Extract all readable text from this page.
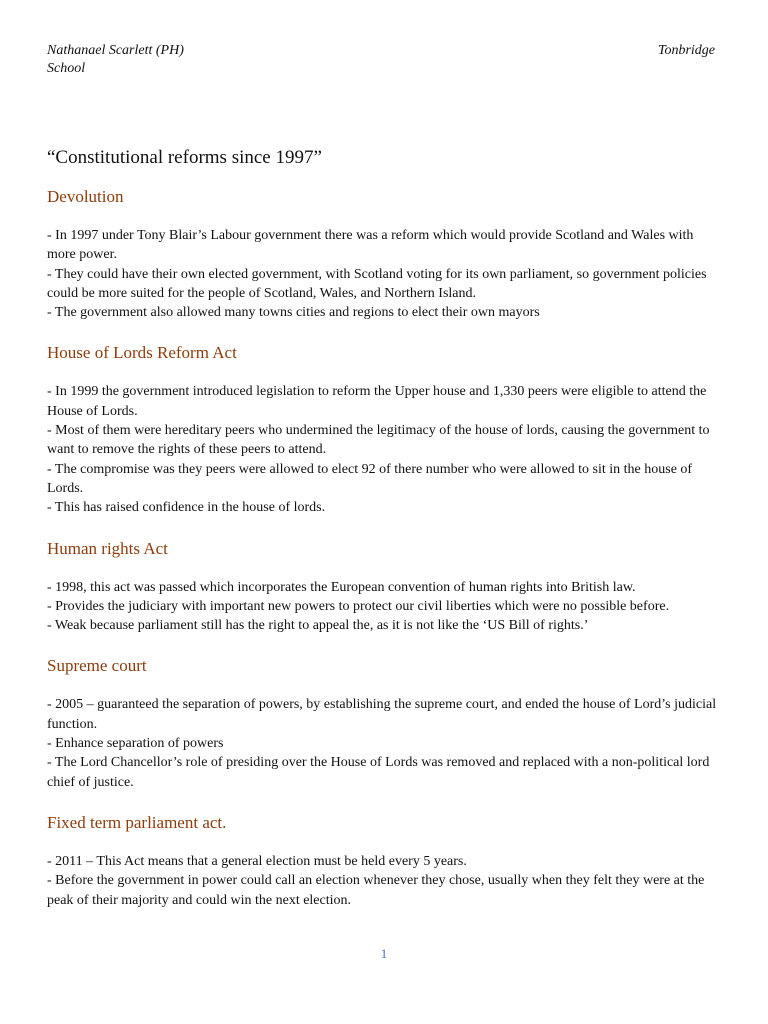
Nathanael Scarlett (PH)	Tonbridge
School
“Constitutional reforms since 1997”
Devolution

- In 1997 under Tony Blair’s Labour government there was a reform which would provide Scotland and Wales with more power.

- They could have their own elected government, with Scotland voting for its own parliament, so government policies could be more suited for the people of Scotland, Wales, and Northern Island.

- The government also allowed many towns cities and regions to elect their own mayors

House of Lords Reform Act

- In 1999 the government introduced legislation to reform the Upper house and 1,330 peers were eligible to attend the House of Lords.

- Most of them were hereditary peers who undermined the legitimacy of the house of lords, causing the government to want to remove the rights of these peers to attend.

- The compromise was they peers were allowed to elect 92 of there number who were allowed to sit in the house of Lords.

- This has raised confidence in the house of lords.

Human rights Act

- 1998, this act was passed which incorporates the European convention of human rights into British law.

- Provides the judiciary with important new powers to protect our civil liberties which were no possible before.

- Weak because parliament still has the right to appeal the, as it is not like the ‘US Bill of rights.’

Supreme court

- 2005 – guaranteed the separation of powers, by establishing the supreme court, and ended the house of Lord’s judicial function.

- Enhance separation of powers

- The Lord Chancellor’s role of presiding over the House of Lords was removed and replaced with a non-political lord chief of justice.

Fixed term parliament act.

- 2011 – This Act means that a general election must be held every 5 years.

- Before the government in power could call an election whenever they chose, usually when they felt they were at the peak of their majority and could win the next election.

1
